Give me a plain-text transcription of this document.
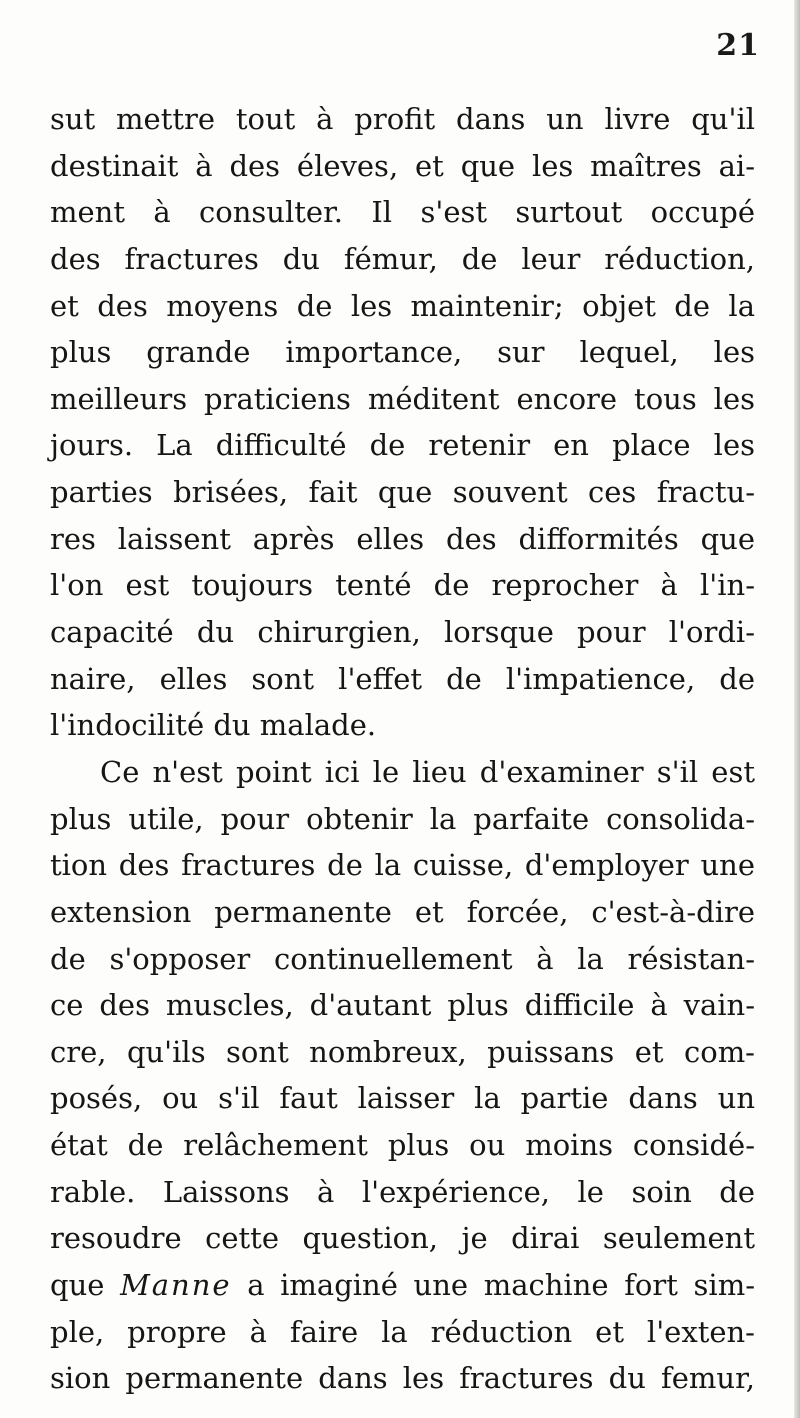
21
sut mettre tout à profit dans un livre qu'il
destinait à des éleves, et que les maîtres ai-
ment à consulter. Il s'est surtout occupé
des fractures du fémur, de leur réduction,
et des moyens de les maintenir; objet de la
plus grande importance, sur lequel, les
meilleurs praticiens méditent encore tous les
jours. La difficulté de retenir en place les
parties brisées, fait que souvent ces fractu-
res laissent après elles des difformités que
l'on est toujours tenté de reprocher à l'in-
capacité du chirurgien, lorsque pour l'ordi-
naire, elles sont l'effet de l'impatience, de
l'indocilité du malade.
Ce n'est point ici le lieu d'examiner s'il est
plus utile, pour obtenir la parfaite consolida-
tion des fractures de la cuisse, d'employer une
extension permanente et forcée, c'est-à-dire
de s'opposer continuellement à la résistan-
ce des muscles, d'autant plus difficile à vain-
cre, qu'ils sont nombreux, puissans et com-
posés, ou s'il faut laisser la partie dans un
état de relâchement plus ou moins considé-
rable. Laissons à l'expérience, le soin de
resoudre cette question, je dirai seulement
que Manne a imaginé une machine fort sim-
ple, propre à faire la réduction et l'exten-
sion permanente dans les fractures du femur,
